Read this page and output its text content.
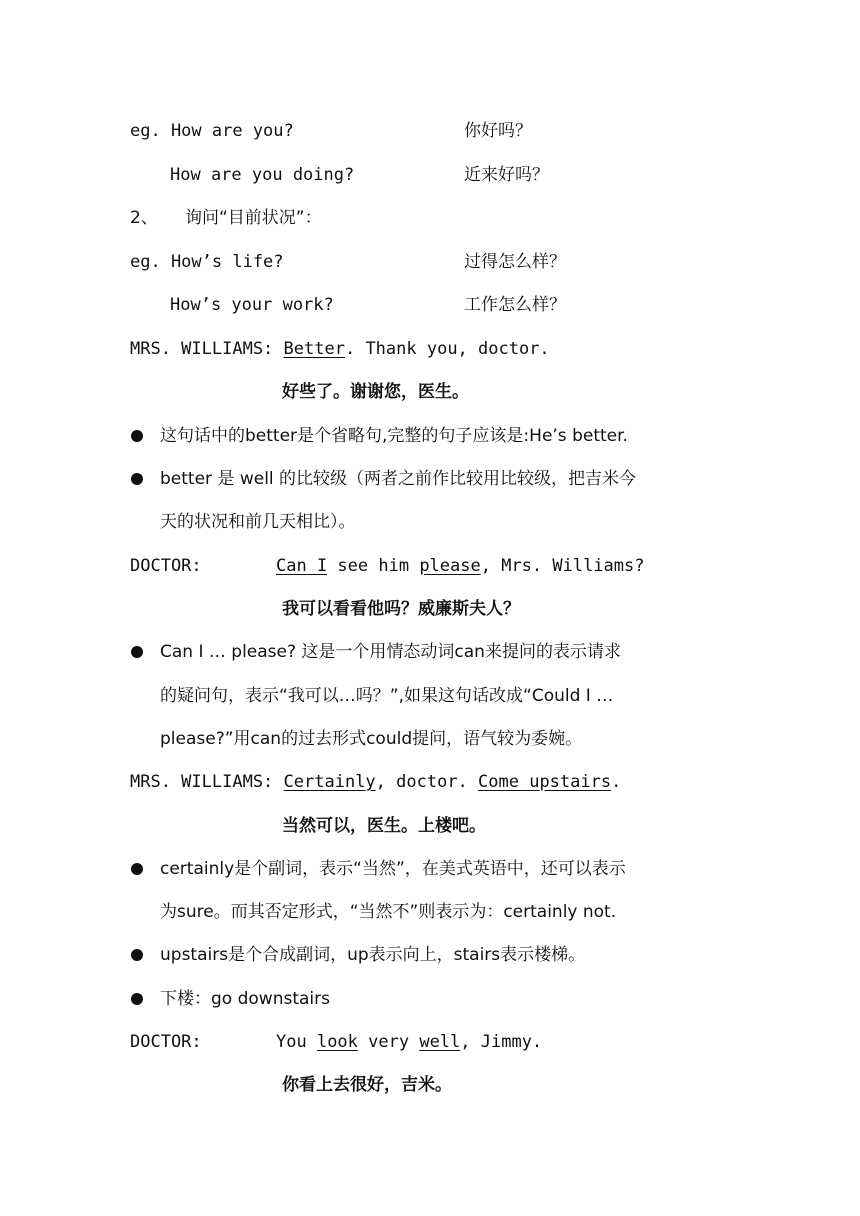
eg. How are you?	你好吗？
How are you doing?	近来好吗？
2、 询问“目前状况”：
eg. How’s life?	过得怎么样？
How’s your work?	工作怎么样？
MRS. WILLIAMS: Better. Thank you, doctor.
好些了。谢谢您，医生。
这句话中的better是个省略句,完整的句子应该是:He’s better.
better 是 well 的比较级（两者之前作比较用比较级，把吉米今
天的状况和前几天相比）。
DOCTOR:	Can I see him please, Mrs. Williams?
我可以看看他吗？威廉斯夫人？
Can I … please? 这是一个用情态动词can来提问的表示请求
的疑问句，表示“我可以…吗？”,如果这句话改成“Could I …
please?”用can的过去形式could提问，语气较为委婉。
MRS. WILLIAMS: Certainly, doctor. Come upstairs.
当然可以，医生。上楼吧。
certainly是个副词，表示“当然”，在美式英语中，还可以表示
为sure。而其否定形式，“当然不”则表示为：certainly not.
upstairs是个合成副词，up表示向上，stairs表示楼梯。
下楼：go downstairs
DOCTOR:	You look very well, Jimmy.
你看上去很好，吉米。
